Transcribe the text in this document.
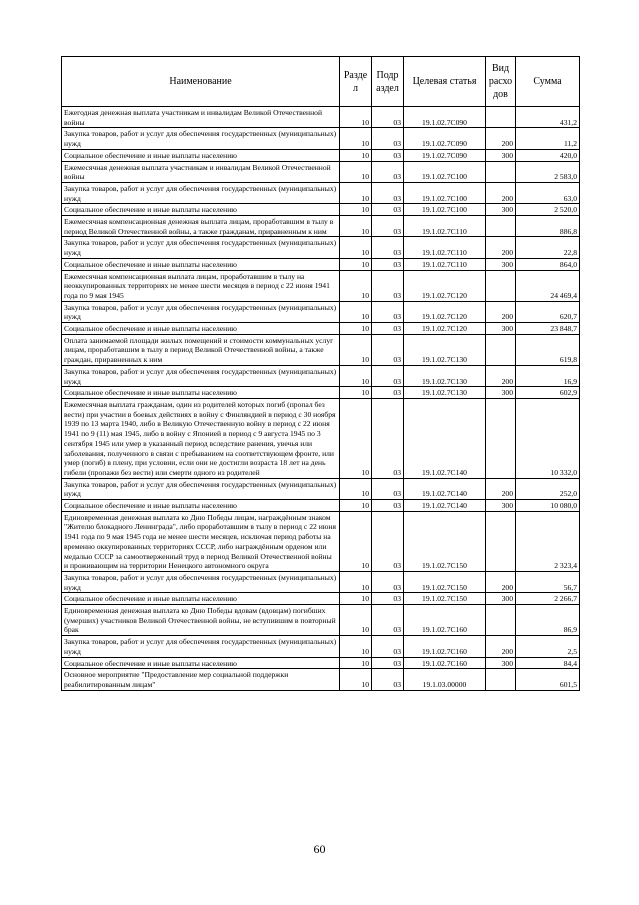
Наименование	Разде л	Подр аздел	Целевая статья	Вид расхо дов	Сумма
Ежегодная денежная выплата участникам и инвалидам Великой Отечественной войны	10	03	19.1.02.7С090		431,2
Закупка товаров, работ и услуг для обеспечения государственных (муниципальных) нужд	10	03	19.1.02.7С090	200	11,2
Социальное обеспечение и иные выплаты населению	10	03	19.1.02.7С090	300	420,0
Ежемесячная денежная выплата участникам и инвалидам Великой Отечественной войны	10	03	19.1.02.7С100		2 583,0
Закупка товаров, работ и услуг для обеспечения государственных (муниципальных) нужд	10	03	19.1.02.7С100	200	63,0
Социальное обеспечение и иные выплаты населению	10	03	19.1.02.7С100	300	2 520,0
Ежемесячная компенсационная денежная выплата лицам, проработавшим в тылу в период Великой Отечественной войны, а также гражданам, приравненным к ним	10	03	19.1.02.7С110		886,8
Закупка товаров, работ и услуг для обеспечения государственных (муниципальных) нужд	10	03	19.1.02.7С110	200	22,8
Социальное обеспечение и иные выплаты населению	10	03	19.1.02.7С110	300	864,0
Ежемесячная компенсационная выплата лицам, проработавшим в тылу на неоккупированных территориях не менее шести месяцев в период с 22 июня 1941 года по 9 мая 1945	10	03	19.1.02.7С120		24 469,4
Закупка товаров, работ и услуг для обеспечения государственных (муниципальных) нужд	10	03	19.1.02.7С120	200	620,7
Социальное обеспечение и иные выплаты населению	10	03	19.1.02.7С120	300	23 848,7
Оплата занимаемой площади жилых помещений и стоимости коммунальных услуг лицам, проработавшим в тылу в период Великой Отечественной войны, а также граждан, приравненных к ним	10	03	19.1.02.7С130		619,8
Закупка товаров, работ и услуг для обеспечения государственных (муниципальных) нужд	10	03	19.1.02.7С130	200	16,9
Социальное обеспечение и иные выплаты населению	10	03	19.1.02.7С130	300	602,9
Ежемесячная выплата гражданам, один из родителей которых погиб (пропал без вести) при участии в боевых действиях в войну с Финляндией в период с 30 ноября 1939 по 13 марта 1940, либо в Великую Отечественную войну в период с 22 июня 1941 по 9 (11) мая 1945, либо в войну с Японией в период с 9 августа 1945 по 3 сентября 1945 или умер в указанный период вследствие ранения, увечья или заболевания, полученного в связи с пребыванием на соответствующем фронте, или умер (погиб) в плену, при условии, если они не достигли возраста 18 лет на день гибели (пропажи без вести) или смерти одного из родителей	10	03	19.1.02.7С140		10 332,0
Закупка товаров, работ и услуг для обеспечения государственных (муниципальных) нужд	10	03	19.1.02.7С140	200	252,0
Социальное обеспечение и иные выплаты населению	10	03	19.1.02.7С140	300	10 080,0
Единовременная денежная выплата ко Дню Победы лицам, награждённым знаком "Жителю блокадного Ленинграда", либо проработавшим в тылу в период с 22 июня 1941 года по 9 мая 1945 года не менее шести месяцев, исключая период работы на временно оккупированных территориях СССР, либо награждённым орденом или медалью СССР за самоотверженный труд в период Великой Отечественной войны и проживающим на территории Ненецкого автономного округа	10	03	19.1.02.7С150		2 323,4
Закупка товаров, работ и услуг для обеспечения государственных (муниципальных) нужд	10	03	19.1.02.7С150	200	56,7
Социальное обеспечение и иные выплаты населению	10	03	19.1.02.7С150	300	2 266,7
Единовременная денежная выплата ко Дню Победы вдовам (вдовцам) погибших (умерших) участников Великой Отечественной войны, не вступившим в повторный брак	10	03	19.1.02.7С160		86,9
Закупка товаров, работ и услуг для обеспечения государственных (муниципальных) нужд	10	03	19.1.02.7С160	200	2,5
Социальное обеспечение и иные выплаты населению	10	03	19.1.02.7С160	300	84,4
Основное мероприятие "Предоставление мер социальной поддержки реабилитированным лицам"	10	03	19.1.03.00000		601,5
60
